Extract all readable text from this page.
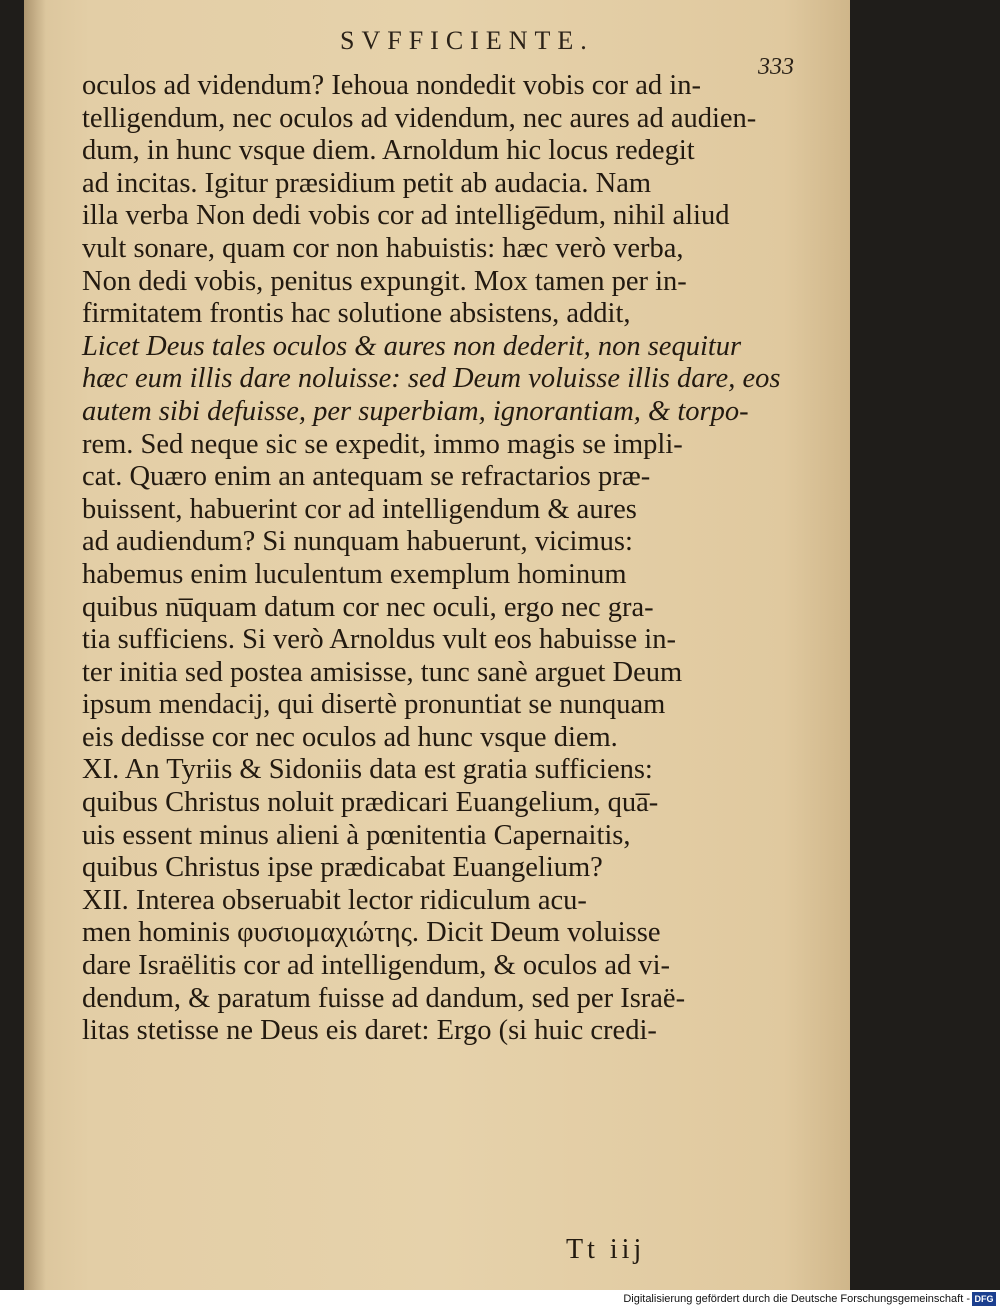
SVFFICIENTE.
333
oculos ad videndum? Iehoua nondedit vobis cor ad in-
telligendum, nec oculos ad videndum, nec aures ad audien-
dum, in hunc vsque diem. Arnoldum hic locus redegit
ad incitas. Igitur præsidium petit ab audacia. Nam
illa verba Non dedi vobis cor ad intellige̅dum, nihil aliud
vult sonare, quam cor non habuistis: hæc verò verba,
Non dedi vobis, penitus expungit. Mox tamen per in-
firmitatem frontis hac solutione absistens, addit,
Licet Deus tales oculos & aures non dederit, non sequitur
hæc eum illis dare noluisse: sed Deum voluisse illis dare, eos
autem sibi defuisse, per superbiam, ignorantiam, & torpo-
rem. Sed neque sic se expedit, immo magis se impli-
cat. Quæro enim an antequam se refractarios præ-
buissent, habuerint cor ad intelligendum & aures
ad audiendum? Si nunquam habuerunt, vicimus:
habemus enim luculentum exemplum hominum
quibus nu̅quam datum cor nec oculi, ergo nec gra-
tia sufficiens. Si verò Arnoldus vult eos habuisse in-
ter initia sed postea amisisse, tunc sanè arguet Deum
ipsum mendacij, qui disertè pronuntiat se nunquam
eis dedisse cor nec oculos ad hunc vsque diem.
XI. An Tyriis & Sidoniis data est gratia sufficiens:
quibus Christus noluit prædicari Euangelium, qua̅-
uis essent minus alieni à pœnitentia Capernaitis,
quibus Christus ipse prædicabat Euangelium?
XII. Interea obseruabit lector ridiculum acu-
men hominis φυσιομαχιώτης. Dicit Deum voluisse
dare Israëlitis cor ad intelligendum, & oculos ad vi-
dendum, & paratum fuisse ad dandum, sed per Israë-
litas stetisse ne Deus eis daret: Ergo (si huic credi-
Tt iij
Digitalisierung gefördert durch die Deutsche Forschungsgemeinschaft - DFG
